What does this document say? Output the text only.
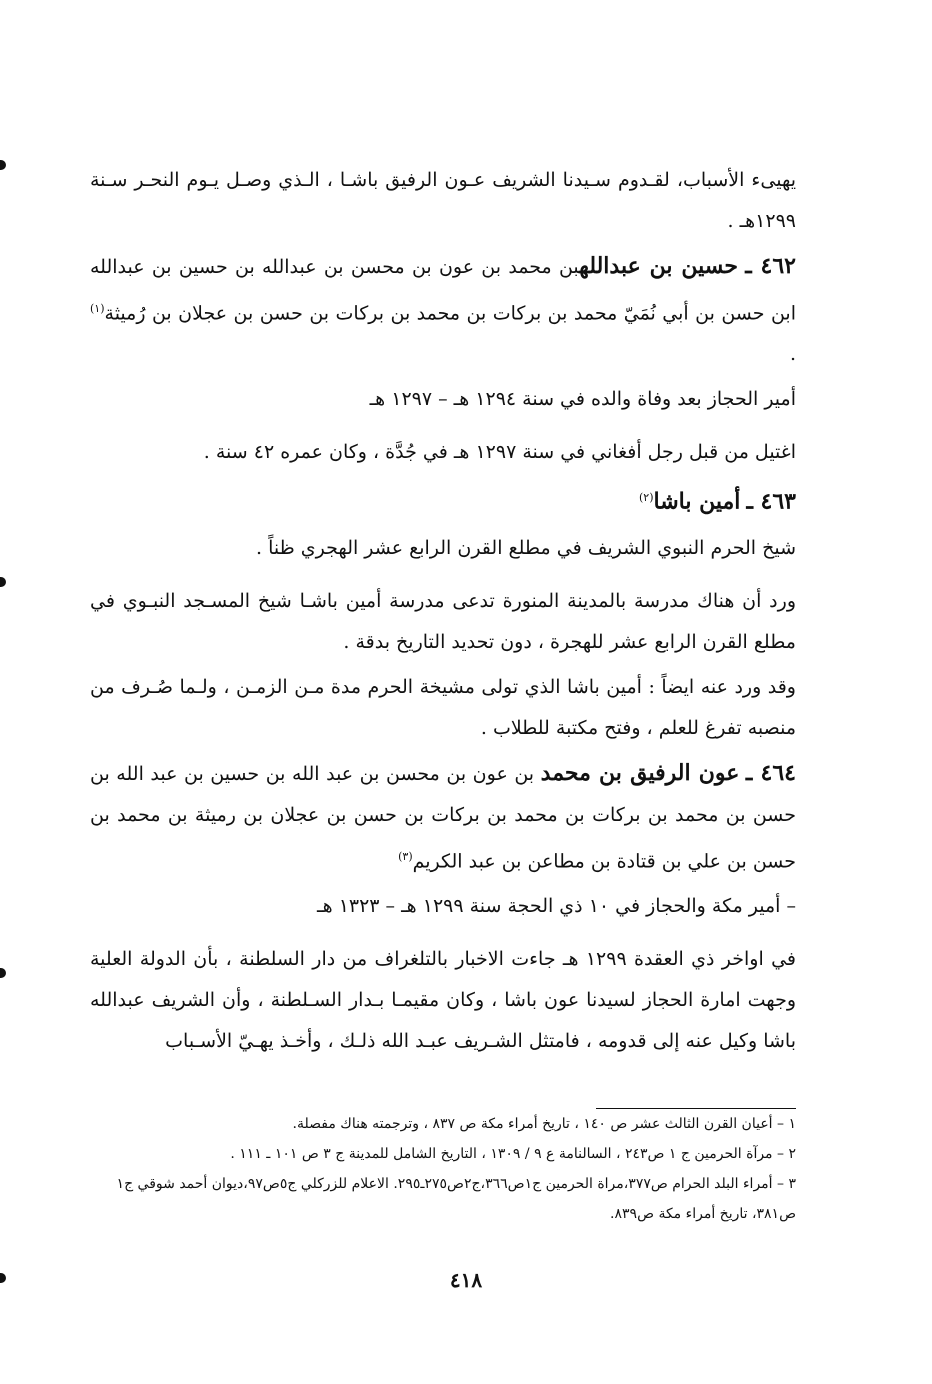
يهيىء الأسباب، لقـدوم سـيدنا الشريف عـون الرفيق باشـا ، الـذي وصـل يـوم النحـر سـنة ١٢٩٩هـ .

٤٦٢ ـ حسين بن عبداللهبن محمد بن عون بن محسن بن عبدالله بن حسين بن عبدالله ابن حسن بن أبي نُمَيّ محمد بن بركات بن محمد بن بركات بن حسن بن عجلان بن رُميثة$^{(١)}$ .

أمير الحجاز بعد وفاة والده في سنة ١٢٩٤ هـ – ١٢٩٧ هـ

اغتيل من قبل رجل أفغاني في سنة ١٢٩٧ هـ في جُدَّة ، وكان عمره ٤٢ سنة .

٤٦٣ ـ أمين باشا$^{(٢)}$

شيخ الحرم النبوي الشريف في مطلع القرن الرابع عشر الهجري ظناً .

ورد أن هناك مدرسة بالمدينة المنورة تدعى مدرسة أمين باشـا شيخ المسـجد النبـوي في مطلع القرن الرابع عشر للهجرة ، دون تحديد التاريخ بدقة .

وقد ورد عنه ايضاً : أمين باشا الذي تولى مشيخة الحرم مدة مـن الزمـن ، ولـما صُـرف من منصبه تفرغ للعلم ، وفتح مكتبة للطلاب .

٤٦٤ ـ عون الرفيق بن محمد بن عون بن محسن بن عبد الله بن حسين بن عبد الله بن حسن بن محمد بن بركات بن محمد بن بركات بن حسن بن عجلان بن رميثة بن محمد بن حسن بن علي بن قتادة بن مطاعن بن عبد الكريم$^{(٣)}$

– أمير مكة والحجاز في ١٠ ذي الحجة سنة ١٢٩٩ هـ – ١٣٢٣ هـ

في اواخر ذي العقدة ١٢٩٩ هـ جاءت الاخبار بالتلغراف من دار السلطنة ، بأن الدولة العلية وجهت امارة الحجاز لسيدنا عون باشا ، وكان مقيمـا بـدار السـلطنة ، وأن الشريف عبدالله باشا وكيل عنه إلى قدومه ، فامتثل الشـريف عبـد الله ذلـك ، وأخـذ يهـيّ الأسـباب

١ – أعيان القرن الثالث عشر ص ١٤٠ ، تاريخ أمراء مكة ص ٨٣٧ ، وترجمته هناك مفصلة.

٢ – مرآة الحرمين ج ١ ص٢٤٣ ، السالنامة ع ٩ / ١٣٠٩ ، التاريخ الشامل للمدينة ج ٣ ص ١٠١ ـ ١١١ .

٣ – أمراء البلد الحرام ص٣٧٧،مراة الحرمين ج١ص٣٦٦،ج٢ص٢٧٥ـ٢٩٥. الاعلام للزركلي ج٥ص٩٧،ديوان أحمد شوقي ج١ ص٣٨١، تاريخ أمراء مكة ص٨٣٩.

٤١٨
